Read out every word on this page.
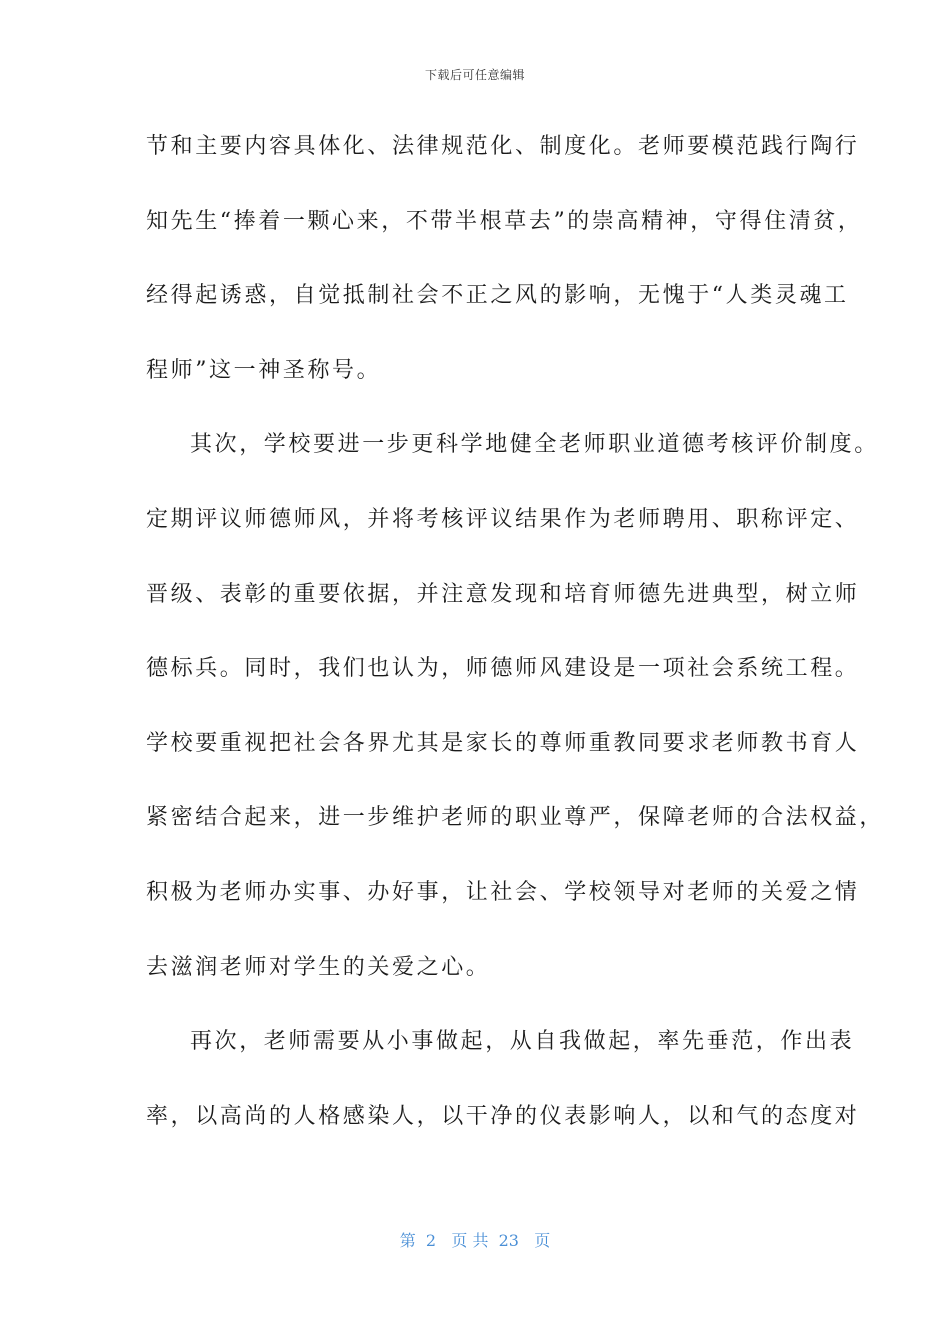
下载后可任意编辑
节和主要内容具体化、法律规范化、制度化。老师要模范践行陶行
知先生“捧着一颗心来，不带半根草去”的崇高精神，守得住清贫，
经得起诱惑，自觉抵制社会不正之风的影响，无愧于“人类灵魂工
程师”这一神圣称号。
其次，学校要进一步更科学地健全老师职业道德考核评价制度。
定期评议师德师风，并将考核评议结果作为老师聘用、职称评定、
晋级、表彰的重要依据，并注意发现和培育师德先进典型，树立师
德标兵。同时，我们也认为，师德师风建设是一项社会系统工程。
学校要重视把社会各界尤其是家长的尊师重教同要求老师教书育人
紧密结合起来，进一步维护老师的职业尊严，保障老师的合法权益，
积极为老师办实事、办好事，让社会、学校领导对老师的关爱之情
去滋润老师对学生的关爱之心。
再次，老师需要从小事做起，从自我做起，率先垂范，作出表
率，以高尚的人格感染人，以干净的仪表影响人，以和气的态度对
第  2   页 共  23   页
